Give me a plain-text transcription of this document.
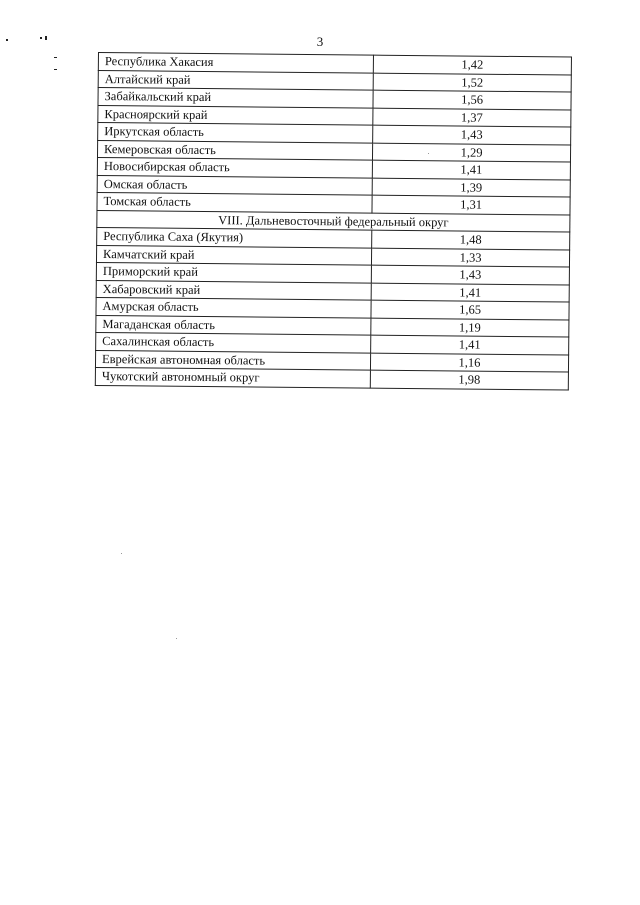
3
Республика Хакасия	1,42
Алтайский край	1,52
Забайкальский край	1,56
Красноярский край	1,37
Иркутская область	1,43
Кемеровская область	1,29
Новосибирская область	1,41
Омская область	1,39
Томская область	1,31
VIII. Дальневосточный федеральный округ	
Республика Саха (Якутия)	1,48
Камчатский край	1,33
Приморский край	1,43
Хабаровский край	1,41
Амурская область	1,65
Магаданская область	1,19
Сахалинская область	1,41
Еврейская автономная область	1,16
Чукотский автономный округ	1,98
